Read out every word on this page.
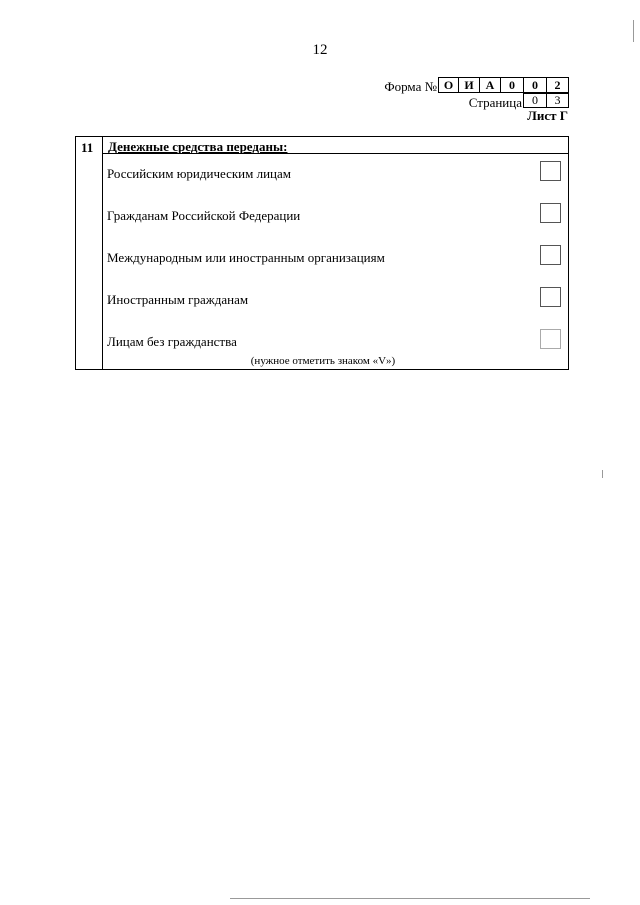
12
Форма № О И А	0	0	2
Страница 0	3
Лист Г
11 Денежные средства переданы:
Российским юридическим лицам
Гражданам Российской Федерации
Международным или иностранным организациям
Иностранным гражданам
Лицам без гражданства
(нужное отметить знаком «V»)
